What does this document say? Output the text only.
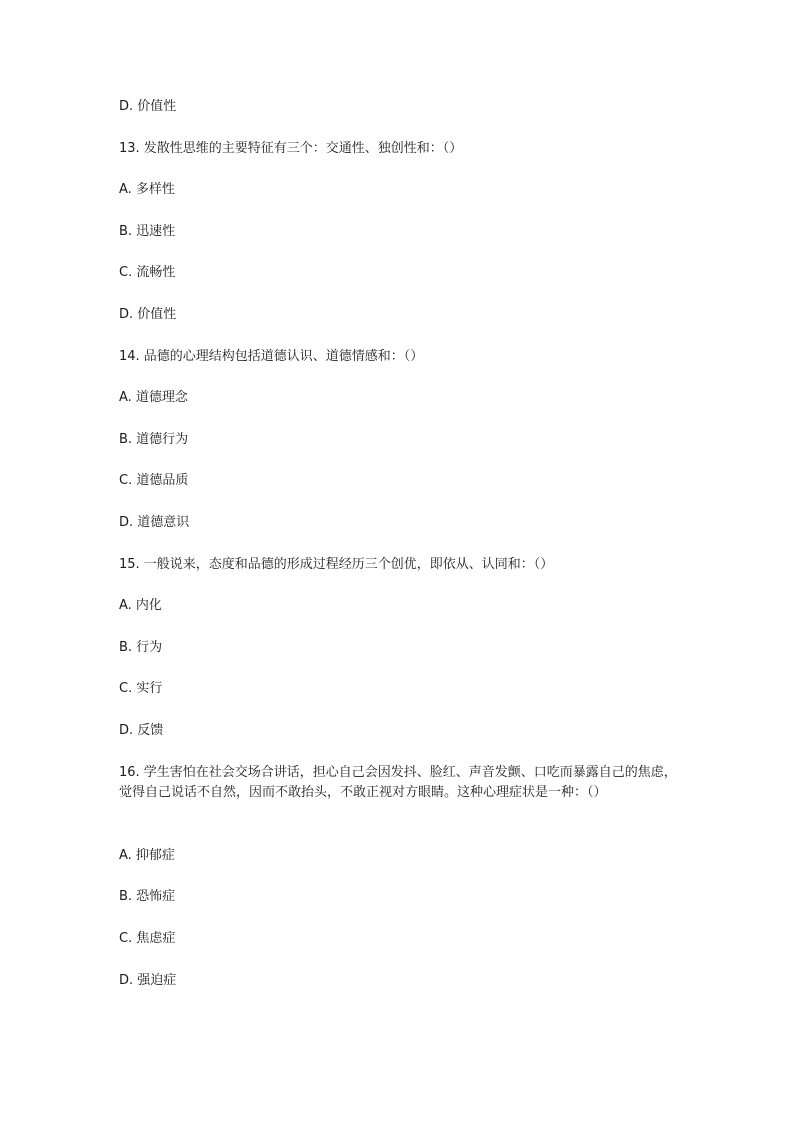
D. 价值性
13. 发散性思维的主要特征有三个：交通性、独创性和：（）
A. 多样性
B. 迅速性
C. 流畅性
D. 价值性
14. 品德的心理结构包括道德认识、道德情感和：（）
A. 道德理念
B. 道德行为
C. 道德品质
D. 道德意识
15. 一般说来，态度和品德的形成过程经历三个创优，即依从、认同和：（）
A. 内化
B. 行为
C. 实行
D. 反馈
16. 学生害怕在社会交场合讲话，担心自己会因发抖、脸红、声音发颤、口吃而暴露自己的焦虑，觉得自己说话不自然，因而不敢抬头，不敢正视对方眼睛。这种心理症状是一种：（）
A. 抑郁症
B. 恐怖症
C. 焦虑症
D. 强迫症
